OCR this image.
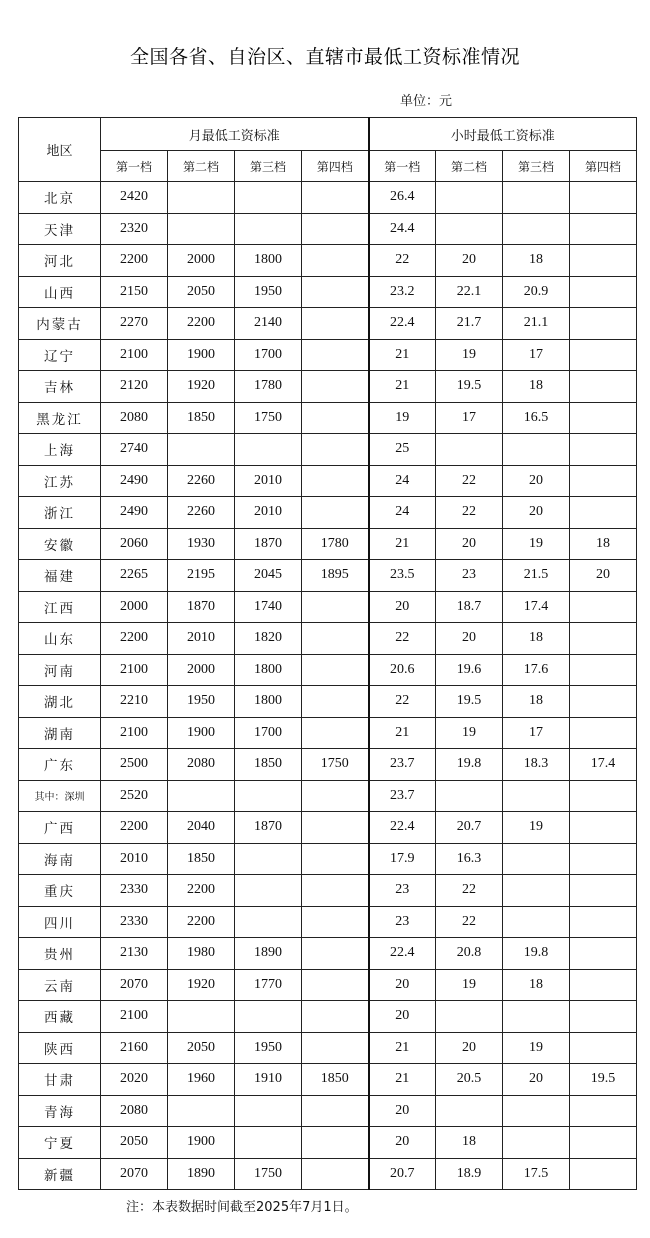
全国各省、自治区、直辖市最低工资标准情况
单位：元
地区	月最低工资标准				小时最低工资标准			
	第一档	第二档	第三档	第四档	第一档	第二档	第三档	第四档
北京	2420				26.4			
天津	2320				24.4			
河北	2200	2000	1800		22	20	18	
山西	2150	2050	1950		23.2	22.1	20.9	
内蒙古	2270	2200	2140		22.4	21.7	21.1	
辽宁	2100	1900	1700		21	19	17	
吉林	2120	1920	1780		21	19.5	18	
黑龙江	2080	1850	1750		19	17	16.5	
上海	2740				25			
江苏	2490	2260	2010		24	22	20	
浙江	2490	2260	2010		24	22	20	
安徽	2060	1930	1870	1780	21	20	19	18
福建	2265	2195	2045	1895	23.5	23	21.5	20
江西	2000	1870	1740		20	18.7	17.4	
山东	2200	2010	1820		22	20	18	
河南	2100	2000	1800		20.6	19.6	17.6	
湖北	2210	1950	1800		22	19.5	18	
湖南	2100	1900	1700		21	19	17	
广东	2500	2080	1850	1750	23.7	19.8	18.3	17.4
其中：深圳	2520				23.7			
广西	2200	2040	1870		22.4	20.7	19	
海南	2010	1850			17.9	16.3		
重庆	2330	2200			23	22		
四川	2330	2200			23	22		
贵州	2130	1980	1890		22.4	20.8	19.8	
云南	2070	1920	1770		20	19	18	
西藏	2100				20			
陕西	2160	2050	1950		21	20	19	
甘肃	2020	1960	1910	1850	21	20.5	20	19.5
青海	2080				20			
宁夏	2050	1900			20	18		
新疆	2070	1890	1750		20.7	18.9	17.5	
注：本表数据时间截至2025年7月1日。
